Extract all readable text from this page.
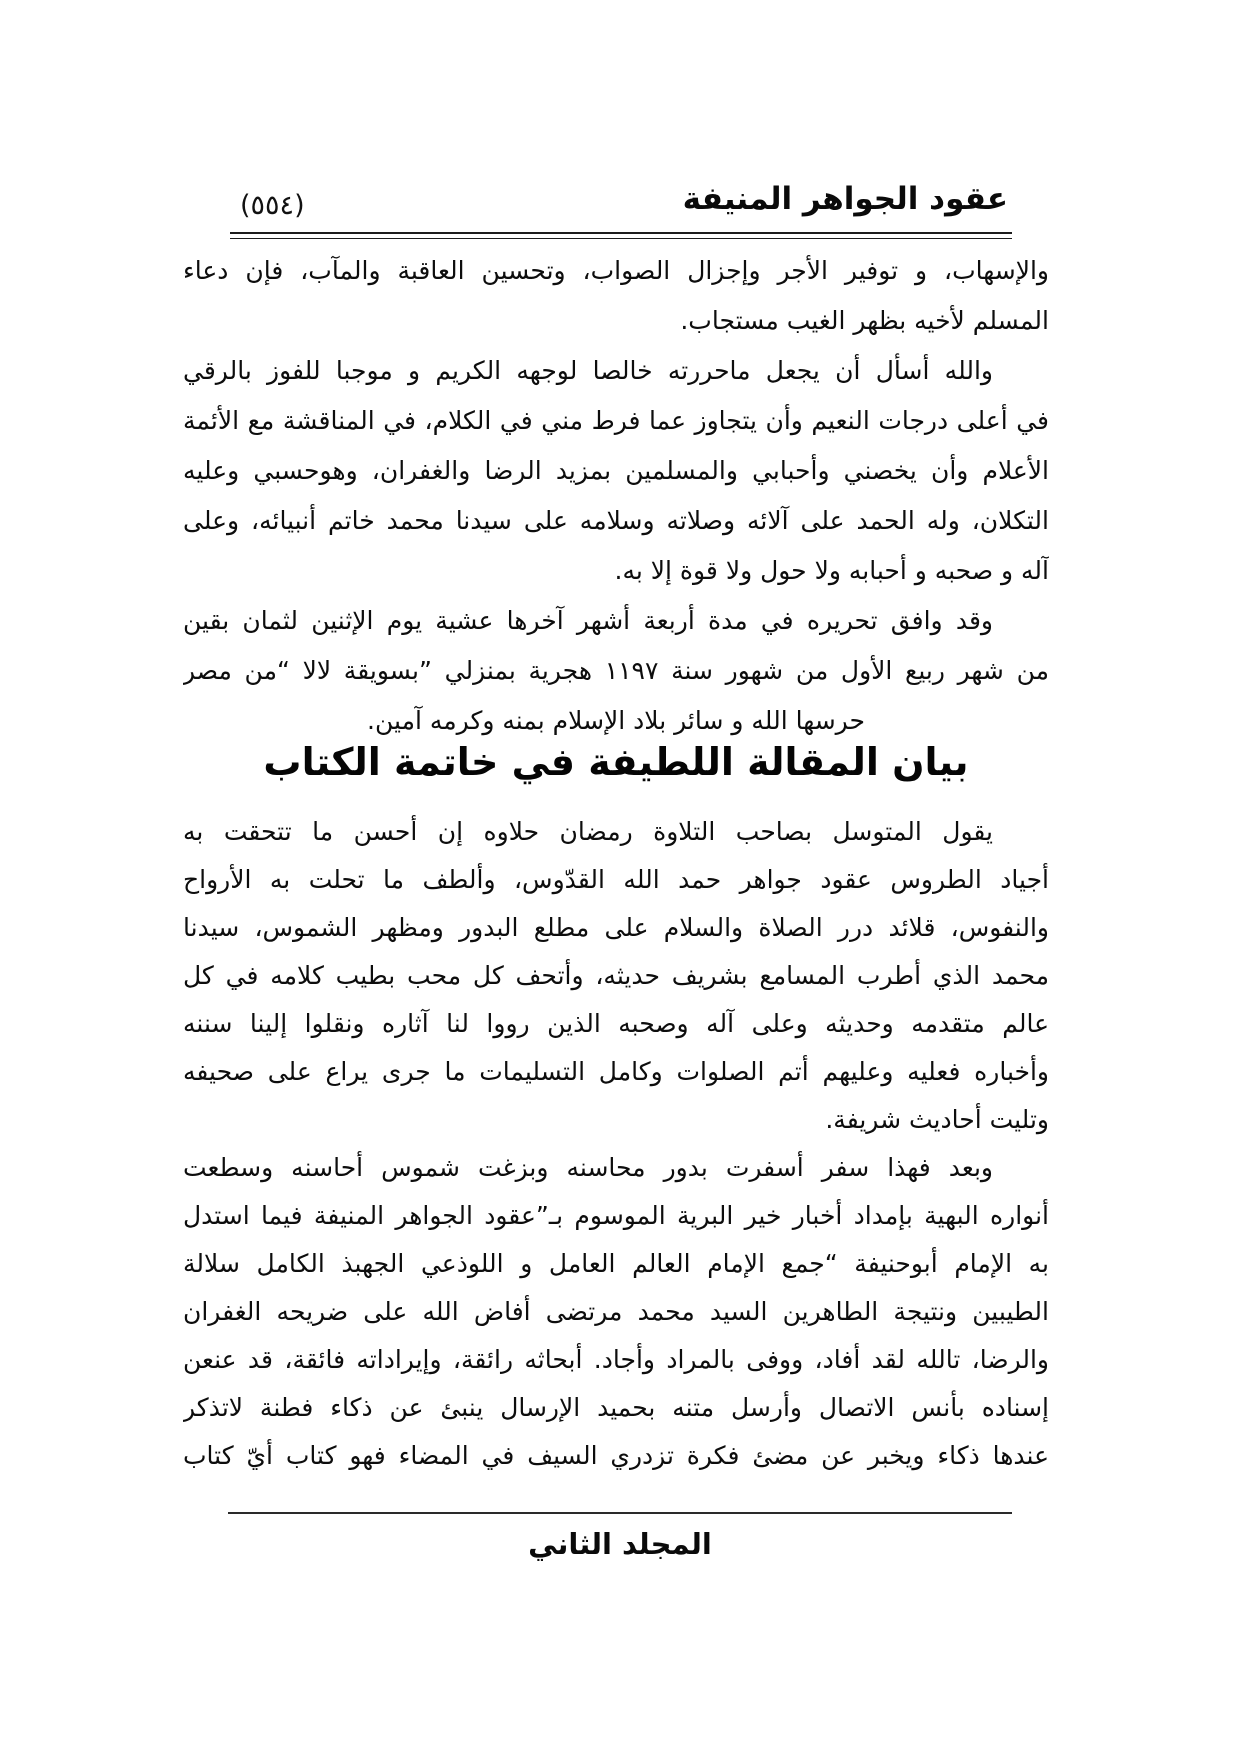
(٥٥٤)	عقود الجواهر المنيفة
والإسهاب، و توفير الأجر وإجزال الصواب، وتحسين العاقبة والمآب، فإن دعاء
المسلم لأخيه بظهر الغيب مستجاب.
والله أسأل أن يجعل ماحررته خالصا لوجهه الكريم و موجبا للفوز بالرقي
في أعلى درجات النعيم وأن يتجاوز عما فرط مني في الكلام، في المناقشة مع الأئمة
الأعلام وأن يخصني وأحبابي والمسلمين بمزيد الرضا والغفران، وهوحسبي وعليه
التكلان، وله الحمد على آلائه وصلاته وسلامه على سيدنا محمد خاتم أنبيائه، وعلى
آله و صحبه و أحبابه ولا حول ولا قوة إلا به.
وقد وافق تحريره في مدة أربعة أشهر آخرها عشية يوم الإثنين لثمان بقين
من شهر ربيع الأول من شهور سنة ١١٩٧ هجرية بمنزلي ”بسويقة لالا “من مصر
حرسها الله و سائر بلاد الإسلام بمنه وكرمه آمين.
بيان المقالة اللطيفة في خاتمة الكتاب
يقول المتوسل بصاحب التلاوة رمضان حلاوه إن أحسن ما تتحقت به
أجياد الطروس عقود جواهر حمد الله القدّوس، وألطف ما تحلت به الأرواح
والنفوس، قلائد درر الصلاة والسلام على مطلع البدور ومظهر الشموس، سيدنا
محمد الذي أطرب المسامع بشريف حديثه، وأتحف كل محب بطيب كلامه في كل
عالم متقدمه وحديثه وعلى آله وصحبه الذين رووا لنا آثاره ونقلوا إلينا سننه
وأخباره فعليه وعليهم أتم الصلوات وكامل التسليمات ما جرى يراع على صحيفه
وتليت أحاديث شريفة.
وبعد فهذا سفر أسفرت بدور محاسنه وبزغت شموس أحاسنه وسطعت
أنواره البهية بإمداد أخبار خير البرية الموسوم بـ”عقود الجواهر المنيفة فيما استدل
به الإمام أبوحنيفة “جمع الإمام العالم العامل و اللوذعي الجهبذ الكامل سلالة
الطيبين ونتيجة الطاهرين السيد محمد مرتضى أفاض الله على ضريحه الغفران
والرضا، تالله لقد أفاد، ووفى بالمراد وأجاد. أبحاثه رائقة، وإيراداته فائقة، قد عنعن
إسناده بأنس الاتصال وأرسل متنه بحميد الإرسال ينبئ عن ذكاء فطنة لاتذكر
عندها ذكاء ويخبر عن مضئ فكرة تزدري السيف في المضاء فهو كتاب أيّ كتاب
المجلد الثاني
